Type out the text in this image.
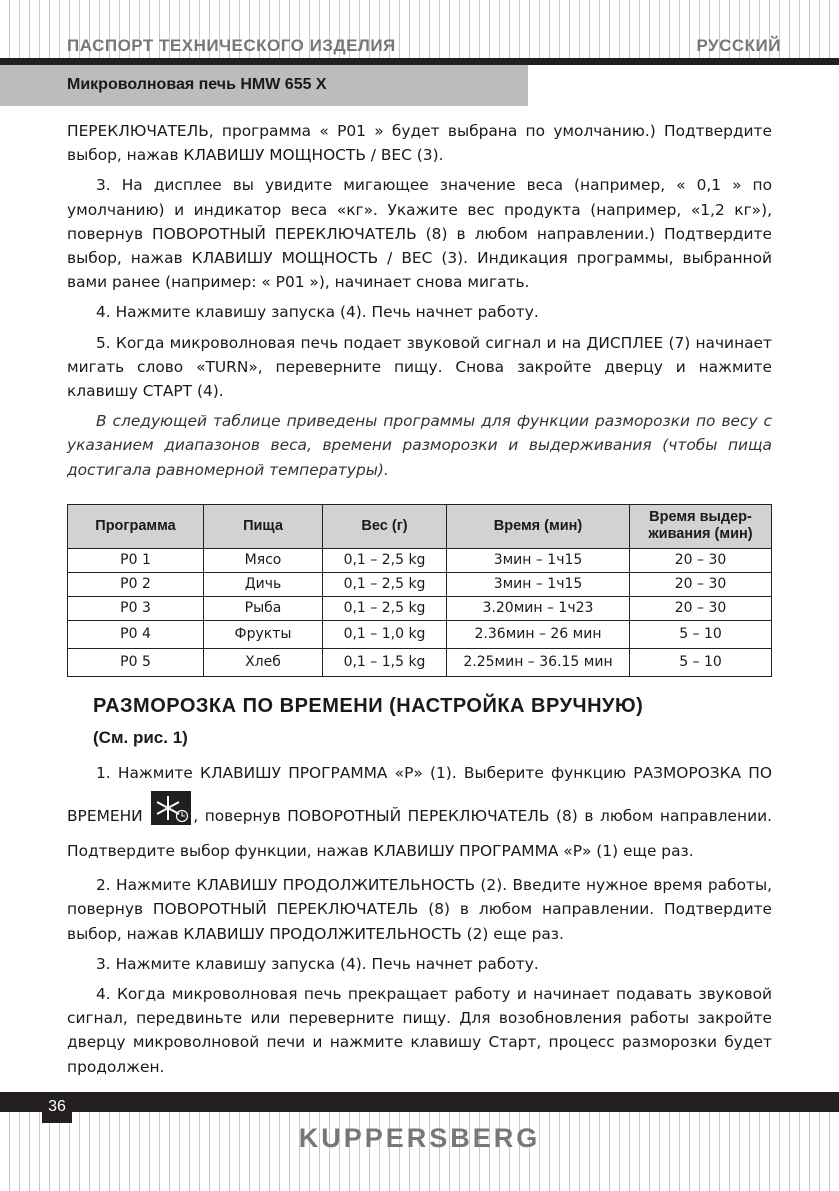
ПАСПОРТ ТЕХНИЧЕСКОГО ИЗДЕЛИЯ	РУССКИЙ
Микроволновая печь HMW 655 X

ПЕРЕКЛЮЧАТЕЛЬ, программа « P01 » будет выбрана по умолчанию.) Подтвердите выбор, нажав КЛАВИШУ МОЩНОСТЬ / ВЕС (3).

3. На дисплее вы увидите мигающее значение веса (например, « 0,1 » по умолчанию) и индикатор веса «кг». Укажите вес продукта (например, «1,2 кг»), повернув ПОВОРОТНЫЙ ПЕРЕКЛЮЧАТЕЛЬ (8) в любом направлении.) Подтвердите выбор, нажав КЛАВИШУ МОЩНОСТЬ / ВЕС (3). Индикация программы, выбранной вами ранее (например: « P01 »), начинает снова мигать.

4. Нажмите клавишу запуска (4). Печь начнет работу.

5. Когда микроволновая печь подает звуковой сигнал и на ДИСПЛЕЕ (7) начинает мигать слово «TURN», переверните пищу. Снова закройте дверцу и нажмите клавишу СТАРТ (4).

В следующей таблице приведены программы для функции разморозки по весу с указанием диапазонов веса, времени разморозки и выдерживания (чтобы пища достигала равномерной температуры).

Программа	Пища	Вес (г)	Время (мин)	Время выдер-живания (мин)
P0 1	Мясо	0,1 – 2,5 kg	3мин – 1ч15	20 – 30
P0 2	Дичь	0,1 – 2,5 kg	3мин – 1ч15	20 – 30
P0 3	Рыба	0,1 – 2,5 kg	3.20мин – 1ч23	20 – 30
P0 4	Фрукты	0,1 – 1,0 kg	2.36мин – 26 мин	5 – 10
P0 5	Хлеб	0,1 – 1,5 kg	2.25мин – 36.15 мин	5 – 10
РАЗМОРОЗКА ПО ВРЕМЕНИ (НАСТРОЙКА ВРУЧНУЮ)
(См. рис. 1)

1. Нажмите КЛАВИШУ ПРОГРАММА «P» (1). Выберите функцию РАЗМОРОЗКА ПО ВРЕМЕНИ	, повернув ПОВОРОТНЫЙ ПЕРЕКЛЮЧАТЕЛЬ (8) в любом направлении. Подтвердите выбор функции, нажав КЛАВИШУ ПРОГРАММА «P» (1) еще раз.

2. Нажмите КЛАВИШУ ПРОДОЛЖИТЕЛЬНОСТЬ (2). Введите нужное время работы, повернув ПОВОРОТНЫЙ ПЕРЕКЛЮЧАТЕЛЬ (8) в любом направлении. Подтвердите выбор, нажав КЛАВИШУ ПРОДОЛЖИТЕЛЬНОСТЬ (2) еще раз.

3. Нажмите клавишу запуска (4). Печь начнет работу.

4. Когда микроволновая печь прекращает работу и начинает подавать звуковой сигнал, передвиньте или переверните пищу. Для возобновления работы закройте дверцу микроволновой печи и нажмите клавишу Старт, процесс разморозки будет продолжен.

36
KUPPERSBERG
